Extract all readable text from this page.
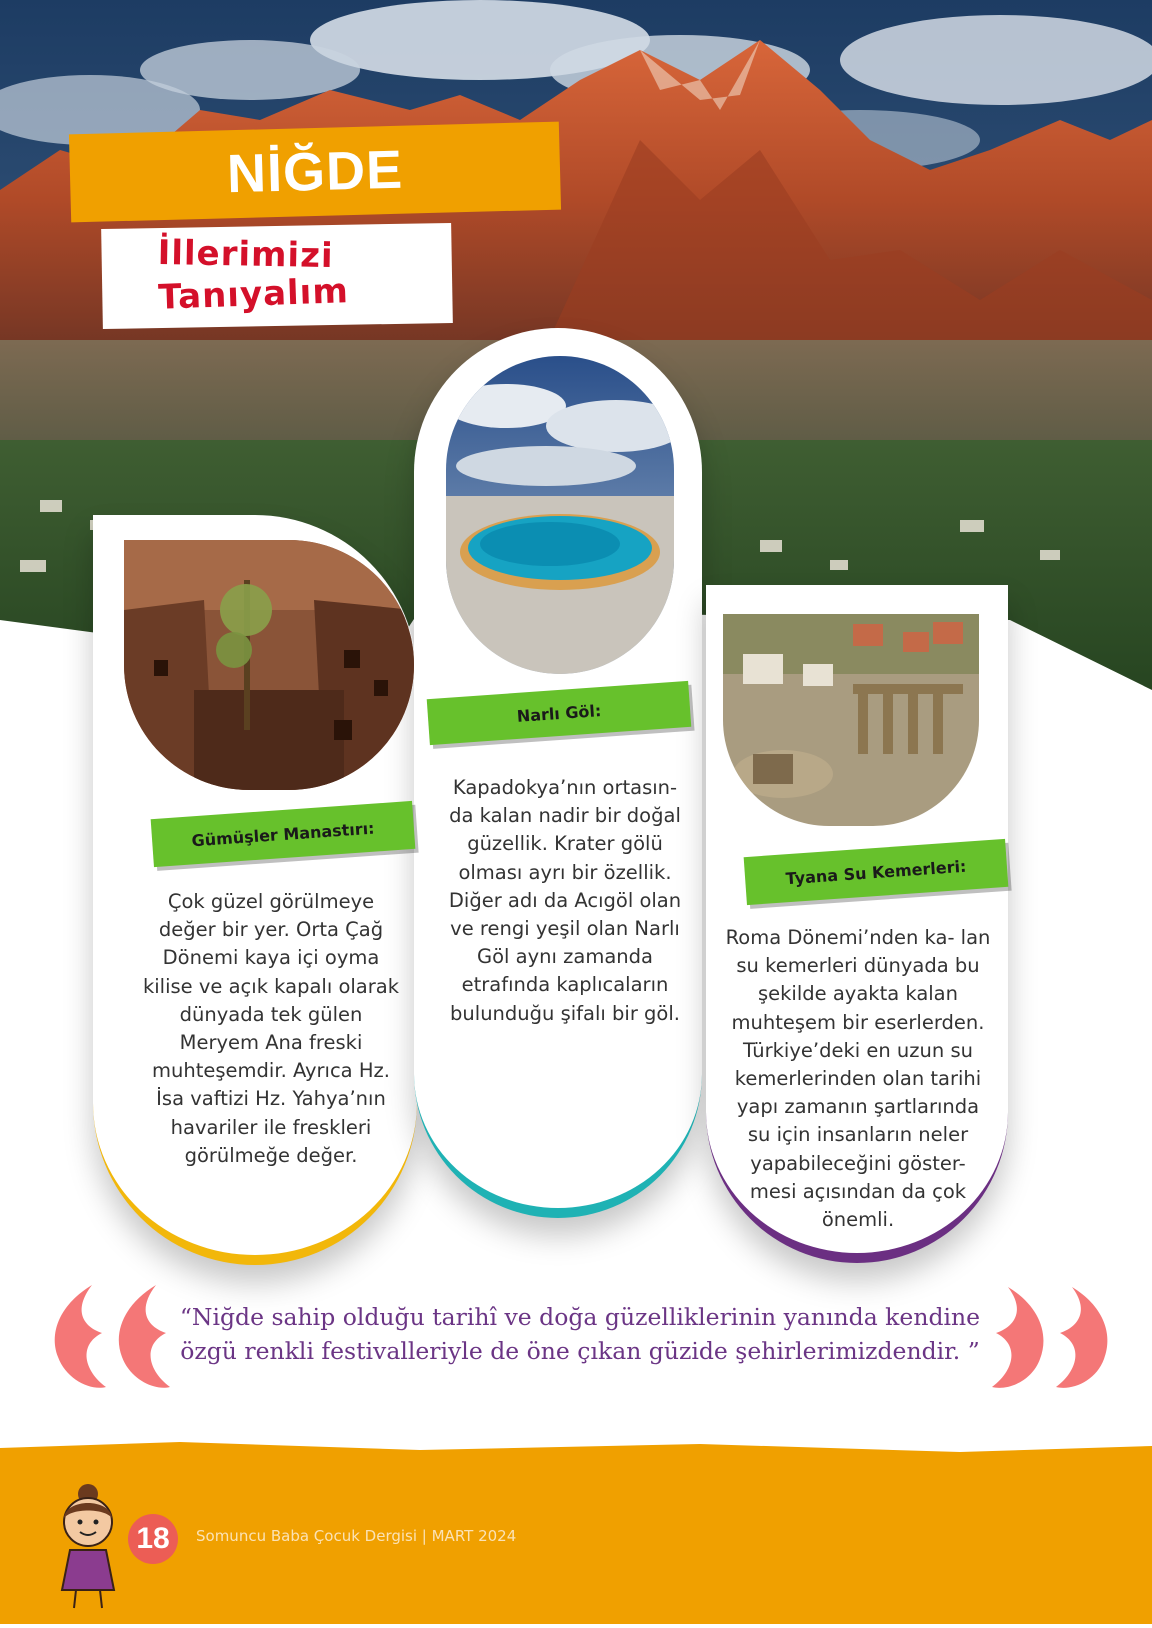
NİĞDE
İllerimizi
Tanıyalım
Gümüşler Manastırı:
Narlı Göl:
Tyana Su Kemerleri:
Çok güzel görülmeye değer bir yer. Orta Çağ Dönemi kaya içi oyma kilise ve açık kapalı olarak dünyada tek gülen Meryem Ana freski muhteşemdir. Ayrıca Hz. İsa vaftizi Hz. Yahya’nın havariler ile freskleri görülmeğe değer.
Kapadokya’nın ortasın- da kalan nadir bir doğal güzellik. Krater gölü olması ayrı bir özellik. Diğer adı da Acıgöl olan ve rengi yeşil olan Narlı Göl aynı zamanda etrafında kaplıcaların bulunduğu şifalı bir göl.
Roma Dönemi’nden ka- lan su kemerleri dünyada bu şekilde ayakta kalan muhteşem bir eserlerden. Türkiye’deki en uzun su kemerlerinden olan tarihi yapı zamanın şartlarında su için insanların neler yapabileceğini göster- mesi açısından da çok önemli.
“Niğde sahip olduğu tarihî ve doğa güzelliklerinin yanında kendine özgü renkli festivalleriyle de öne çıkan güzide şehirlerimizdendir. ”
18	Somuncu Baba Çocuk Dergisi | MART 2024
